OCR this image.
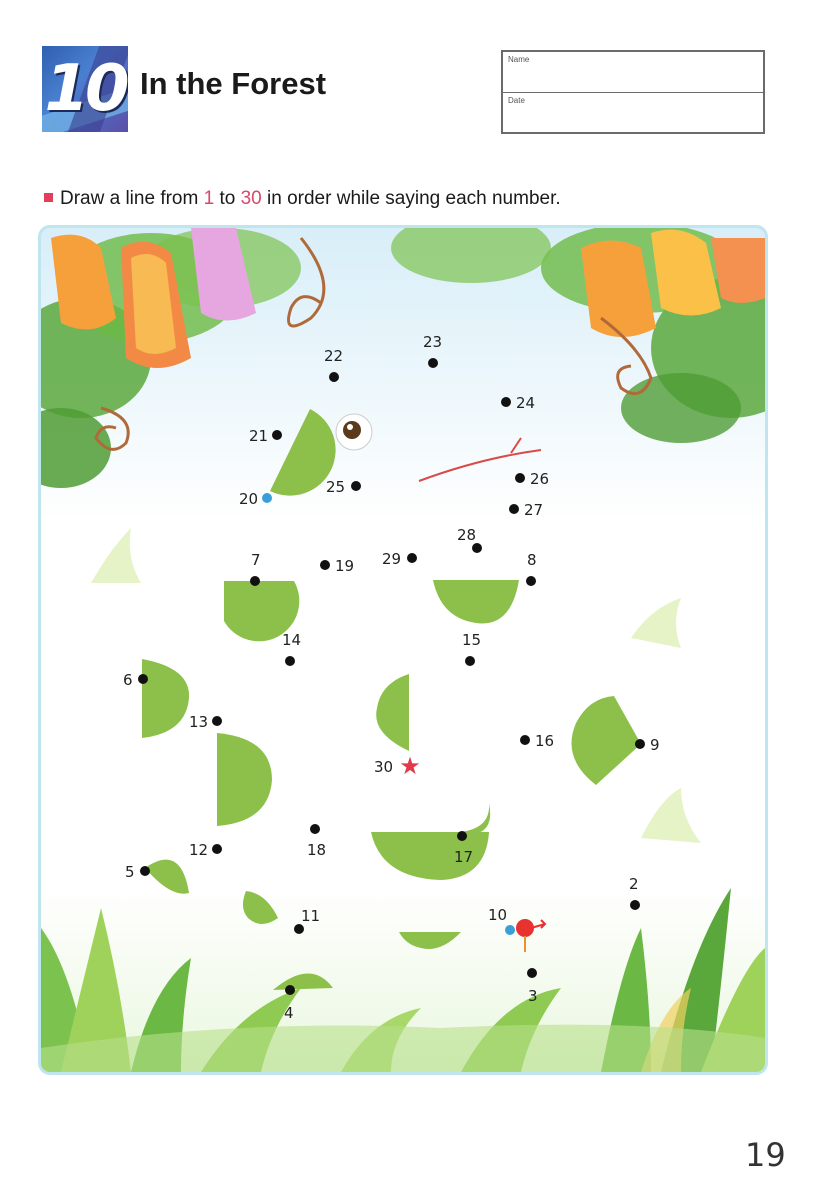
10 In the Forest
Name
Date
Draw a line from 1 to 30 in order while saying each number.
2
3
4
5
6
7	8
9
10
11
12
13
14	15
16
17
18
19
20
21
22
23
24
25	26
27
28
29
★
30
19
